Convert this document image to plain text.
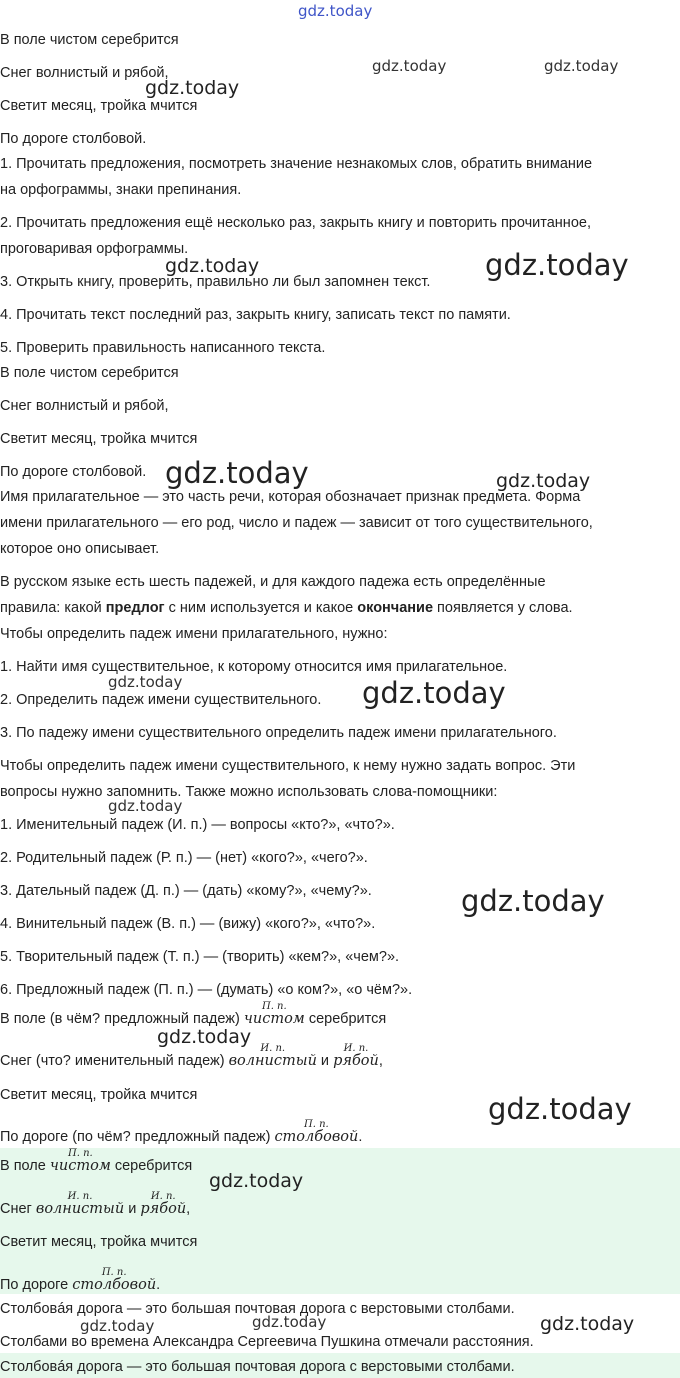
В поле чистом серебрится
Снег волнистый и рябой,
Светит месяц, тройка мчится
По дороге столбовой.
1. Прочитать предложения, посмотреть значение незнакомых слов, обратить внимание
на орфограммы, знаки препинания.
2. Прочитать предложения ещё несколько раз, закрыть книгу и повторить прочитанное,
проговаривая орфограммы.
3. Открыть книгу, проверить, правильно ли был запомнен текст.
4. Прочитать текст последний раз, закрыть книгу, записать текст по памяти.
5. Проверить правильность написанного текста.
В поле чистом серебрится
Снег волнистый и рябой,
Светит месяц, тройка мчится
По дороге столбовой.
Имя прилагательное — это часть речи, которая обозначает признак предмета. Форма
имени прилагательного — его род, число и падеж — зависит от того существительного,
которое оно описывает.
В русском языке есть шесть падежей, и для каждого падежа есть определённые
правила: какой предлог с ним используется и какое окончание появляется у слова.
Чтобы определить падеж имени прилагательного, нужно:
1. Найти имя существительное, к которому относится имя прилагательное.
2. Определить падеж имени существительного.
3. По падежу имени существительного определить падеж имени прилагательного.
Чтобы определить падеж имени существительного, к нему нужно задать вопрос. Эти
вопросы нужно запомнить. Также можно использовать слова-помощники:
1. Именительный падеж (И. п.) — вопросы «кто?», «что?».
2. Родительный падеж (Р. п.) — (нет) «кого?», «чего?».
3. Дательный падеж (Д. п.) — (дать) «кому?», «чему?».
4. Винительный падеж (В. п.) — (вижу) «кого?», «что?».
5. Творительный падеж (Т. п.) — (творить) «кем?», «чем?».
6. Предложный падеж (П. п.) — (думать) «о ком?», «о чём?».
В поле (в чём? предложный падеж)
П. п.
чистом серебрится
Снег (что? именительный падеж)
И. п.
волнистый и
И. п.
рябой,
Светит месяц, тройка мчится
По дороге (по чём? предложный падеж)
П. п.
столбовой.
В поле
П. п.
чистом серебрится
Снег
И. п.
волнистый и
И. п.
рябой,
Светит месяц, тройка мчится
По дороге
П. п.
столбовой.
Столбовáя дорога — это большая почтовая дорога с верстовыми столбами.
Столбами во времена Александра Сергеевича Пушкина отмечали расстояния.
Столбовáя дорога — это большая почтовая дорога с верстовыми столбами.
gdz.today
gdz.today	gdz.today
gdz.today
gdz.today	gdz.today
gdz.today	gdz.today
gdz.today	gdz.today
gdz.today
gdz.today
gdz.today
gdz.today
gdz.today
gdz.today	gdz.today	gdz.today
